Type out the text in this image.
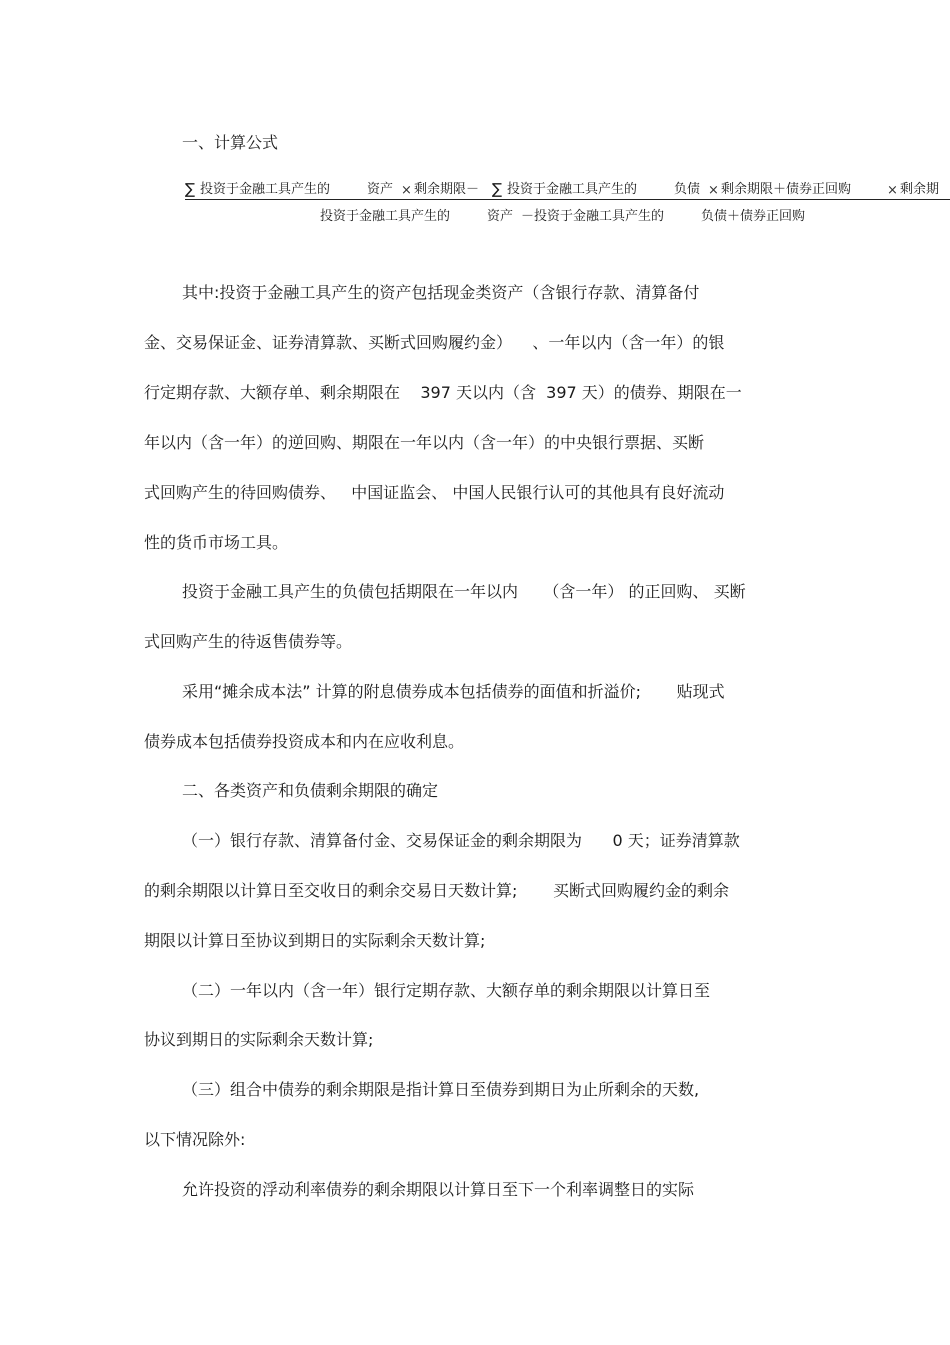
一、计算公式
∑ 投资于金融工具产生的	资产 × 剩余期限－ ∑ 投资于金融工具产生的	负债 × 剩余期限＋债券正回购	× 剩余期
投资于金融工具产生的	资产 －投资于金融工具产生的	负债＋债券正回购
其中:投资于金融工具产生的资产包括现金类资产（含银行存款、清算备付
金、交易保证金、证券清算款、买断式回购履约金）    、一年以内（含一年）的银
行定期存款、大额存单、剩余期限在    397 天以内（含  397 天）的债券、期限在一
年以内（含一年）的逆回购、期限在一年以内（含一年）的中央银行票据、买断
式回购产生的待回购债券、   中国证监会、 中国人民银行认可的其他具有良好流动
性的货币市场工具。
投资于金融工具产生的负债包括期限在一年以内     （含一年） 的正回购、 买断
式回购产生的待返售债券等。
采用“摊余成本法” 计算的附息债券成本包括债券的面值和折溢价;       贴现式
债券成本包括债券投资成本和内在应收利息。
二、各类资产和负债剩余期限的确定
（一）银行存款、清算备付金、交易保证金的剩余期限为      0 天；证券清算款
的剩余期限以计算日至交收日的剩余交易日天数计算;       买断式回购履约金的剩余
期限以计算日至协议到期日的实际剩余天数计算;
（二）一年以内（含一年）银行定期存款、大额存单的剩余期限以计算日至
协议到期日的实际剩余天数计算;
（三）组合中债券的剩余期限是指计算日至债券到期日为止所剩余的天数,
以下情况除外:
允许投资的浮动利率债券的剩余期限以计算日至下一个利率调整日的实际
